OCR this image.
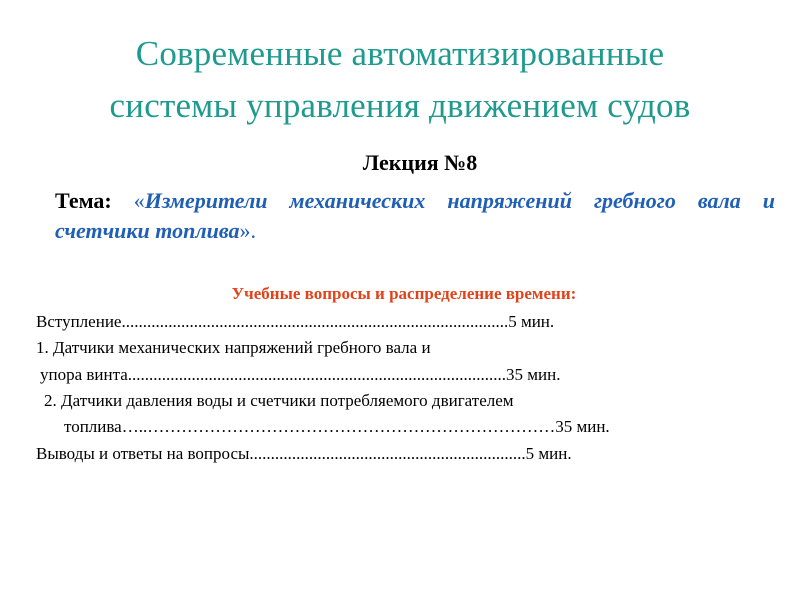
Современные автоматизированные
системы управления движением судов
Лекция №8
Тема: «Измерители механических напряжений гребного вала и счетчики топлива».
Учебные вопросы и распределение времени:
Вступление...........................................................................................5 мин.
1. Датчики механических напряжений гребного вала и
упора винта.........................................................................................35 мин.
2. Датчики давления воды и счетчики потребляемого двигателем
топлива…..………………………………………………………………35 мин.
Выводы и ответы на вопросы.................................................................5 мин.
